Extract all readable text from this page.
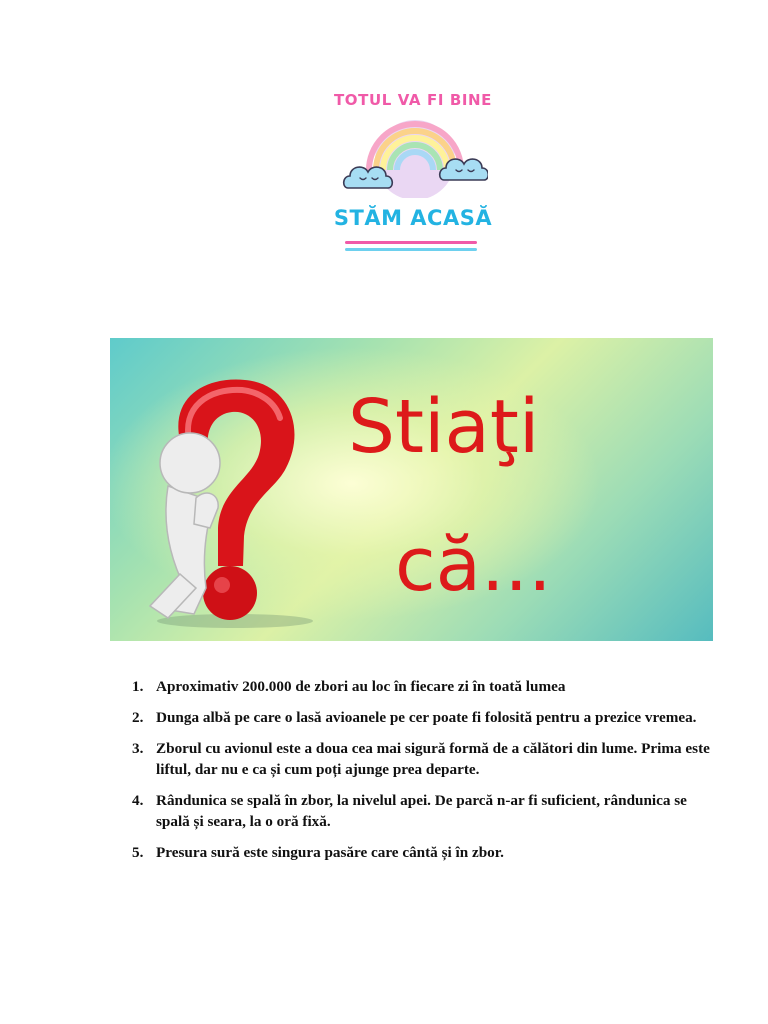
TOTUL VA FI BINE
STĂM ACASĂ
Stiaţi
că...
1. Aproximativ 200.000 de zbori au loc în fiecare zi în toată lumea
2. Dunga albă pe care o lasă avioanele pe cer poate fi folosită pentru a prezice vremea.
3. Zborul cu avionul este a doua cea mai sigură formă de a călători din lume. Prima este liftul, dar nu e ca și cum poți ajunge prea departe.
4. Rândunica se spală în zbor, la nivelul apei. De parcă n-ar fi suficient, rândunica se spală și seara, la o oră fixă.
5. Presura sură este singura pasăre care cântă și în zbor.
